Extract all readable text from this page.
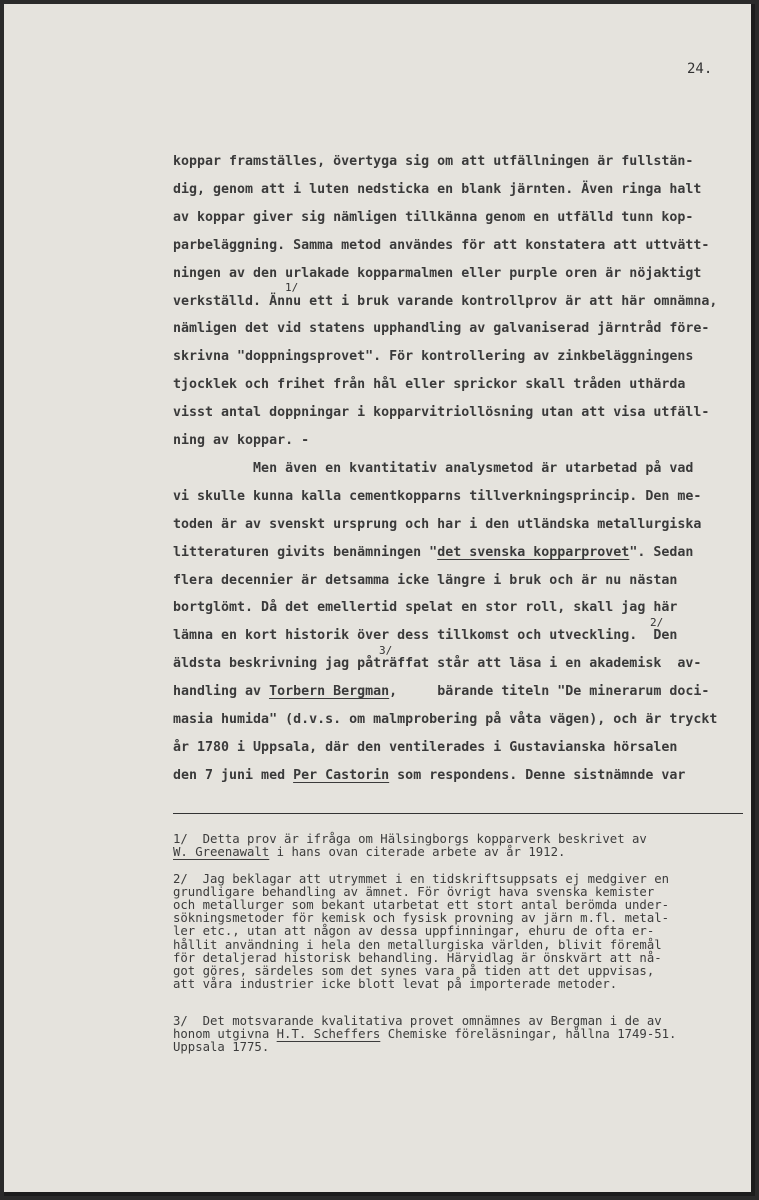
24.
koppar framställes, övertyga sig om att utfällningen är fullstän-
dig, genom att i luten nedsticka en blank järnten. Även ringa halt
av koppar giver sig nämligen tillkänna genom en utfälld tunn kop-
parbeläggning. Samma metod användes för att konstatera att uttvätt-
ningen av den urlakade kopparmalmen eller purple oren är nöjaktigt
verkställd. Ännu ett i bruk varande kontrollprov är att här omnämna,
nämligen det vid statens upphandling av galvaniserad järntråd före-
skrivna "doppningsprovet". För kontrollering av zinkbeläggningens
tjocklek och frihet från hål eller sprickor skall tråden uthärda
visst antal doppningar i kopparvitriollösning utan att visa utfäll-
ning av koppar. -
Men även en kvantitativ analysmetod är utarbetad på vad
vi skulle kunna kalla cementkopparns tillverkningsprincip. Den me-
toden är av svenskt ursprung och har i den utländska metallurgiska
litteraturen givits benämningen "det svenska kopparprovet". Sedan
flera decennier är detsamma icke längre i bruk och är nu nästan
bortglömt. Då det emellertid spelat en stor roll, skall jag här
lämna en kort historik över dess tillkomst och utveckling.  Den
äldsta beskrivning jag påträffat står att läsa i en akademisk  av-
handling av Torbern Bergman,     bärande titeln "De minerarum doci-
masia humida" (d.v.s. om malmprobering på våta vägen), och är tryckt
år 1780 i Uppsala, där den ventilerades i Gustavianska hörsalen
den 7 juni med Per Castorin som respondens. Denne sistnämnde var
1/
2/
3/
1/  Detta prov är ifråga om Hälsingborgs kopparverk beskrivet av
W. Greenawalt i hans ovan citerade arbete av år 1912.
2/  Jag beklagar att utrymmet i en tidskriftsuppsats ej medgiver en
grundligare behandling av ämnet. För övrigt hava svenska kemister
och metallurger som bekant utarbetat ett stort antal berömda under-
sökningsmetoder för kemisk och fysisk provning av järn m.fl. metal-
ler etc., utan att någon av dessa uppfinningar, ehuru de ofta er-
hållit användning i hela den metallurgiska världen, blivit föremål
för detaljerad historisk behandling. Härvidlag är önskvärt att nå-
got göres, särdeles som det synes vara på tiden att det uppvisas,
att våra industrier icke blott levat på importerade metoder.
3/  Det motsvarande kvalitativa provet omnämnes av Bergman i de av
honom utgivna H.T. Scheffers Chemiske föreläsningar, hållna 1749-51.
Uppsala 1775.
